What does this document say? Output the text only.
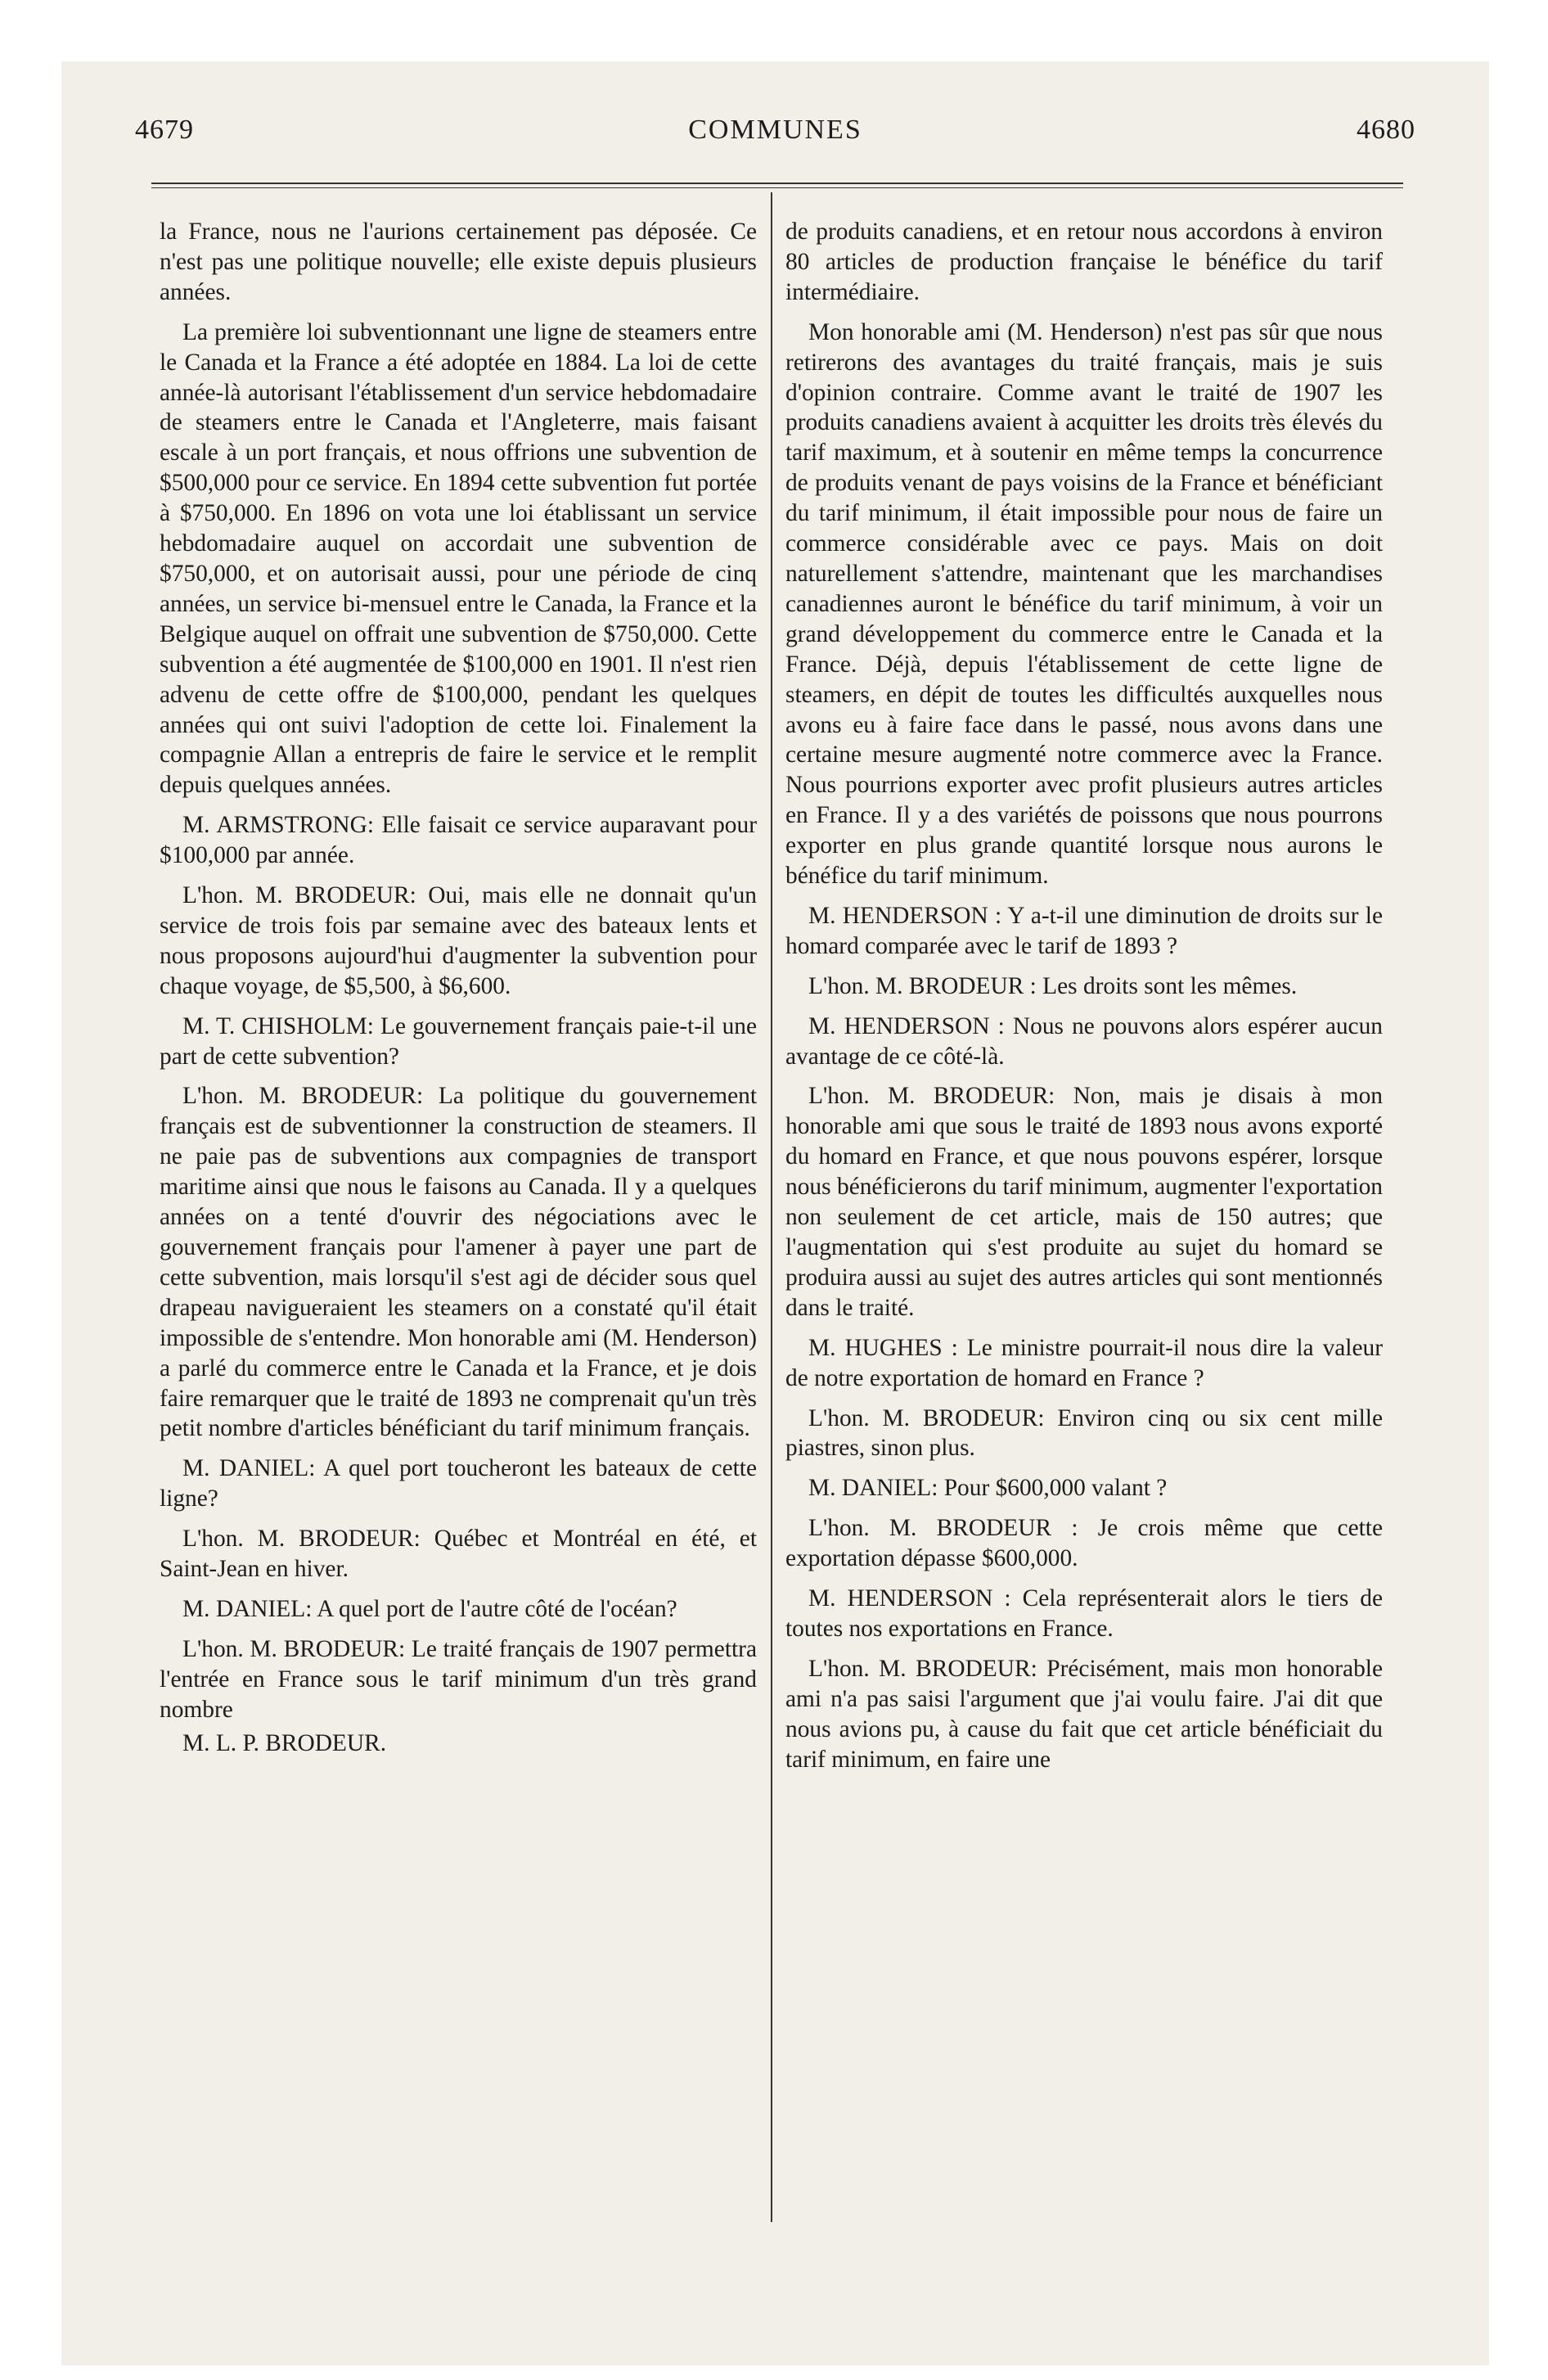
4679	COMMUNES	4680

la France, nous ne l'aurions certainement pas déposée. Ce n'est pas une politique nouvelle; elle existe depuis plusieurs années.

La première loi subventionnant une ligne de steamers entre le Canada et la France a été adoptée en 1884. La loi de cette année-là autorisant l'établissement d'un service hebdomadaire de steamers entre le Canada et l'Angleterre, mais faisant escale à un port français, et nous offrions une subvention de $500,000 pour ce service. En 1894 cette subvention fut portée à $750,000. En 1896 on vota une loi établissant un service hebdomadaire auquel on accordait une subvention de $750,000, et on autorisait aussi, pour une période de cinq années, un service bi-mensuel entre le Canada, la France et la Belgique auquel on offrait une subvention de $750,000. Cette subvention a été augmentée de $100,000 en 1901. Il n'est rien advenu de cette offre de $100,000, pendant les quelques années qui ont suivi l'adoption de cette loi. Finalement la compagnie Allan a entrepris de faire le service et le remplit depuis quelques années.

M. ARMSTRONG: Elle faisait ce service auparavant pour $100,000 par année.

L'hon. M. BRODEUR: Oui, mais elle ne donnait qu'un service de trois fois par semaine avec des bateaux lents et nous proposons aujourd'hui d'augmenter la subvention pour chaque voyage, de $5,500, à $6,600.

M. T. CHISHOLM: Le gouvernement français paie-t-il une part de cette subvention?

L'hon. M. BRODEUR: La politique du gouvernement français est de subventionner la construction de steamers. Il ne paie pas de subventions aux compagnies de transport maritime ainsi que nous le faisons au Canada. Il y a quelques années on a tenté d'ouvrir des négociations avec le gouvernement français pour l'amener à payer une part de cette subvention, mais lorsqu'il s'est agi de décider sous quel drapeau navigueraient les steamers on a constaté qu'il était impossible de s'entendre. Mon honorable ami (M. Henderson) a parlé du commerce entre le Canada et la France, et je dois faire remarquer que le traité de 1893 ne comprenait qu'un très petit nombre d'articles bénéficiant du tarif minimum français.

M. DANIEL: A quel port toucheront les bateaux de cette ligne?

L'hon. M. BRODEUR: Québec et Montréal en été, et Saint-Jean en hiver.

M. DANIEL: A quel port de l'autre côté de l'océan?

L'hon. M. BRODEUR: Le traité français de 1907 permettra l'entrée en France sous le tarif minimum d'un très grand nombre

M. L. P. BRODEUR.

de produits canadiens, et en retour nous accordons à environ 80 articles de production française le bénéfice du tarif intermédiaire.

Mon honorable ami (M. Henderson) n'est pas sûr que nous retirerons des avantages du traité français, mais je suis d'opinion contraire. Comme avant le traité de 1907 les produits canadiens avaient à acquitter les droits très élevés du tarif maximum, et à soutenir en même temps la concurrence de produits venant de pays voisins de la France et bénéficiant du tarif minimum, il était impossible pour nous de faire un commerce considérable avec ce pays. Mais on doit naturellement s'attendre, maintenant que les marchandises canadiennes auront le bénéfice du tarif minimum, à voir un grand développement du commerce entre le Canada et la France. Déjà, depuis l'établissement de cette ligne de steamers, en dépit de toutes les difficultés auxquelles nous avons eu à faire face dans le passé, nous avons dans une certaine mesure augmenté notre commerce avec la France. Nous pourrions exporter avec profit plusieurs autres articles en France. Il y a des variétés de poissons que nous pourrons exporter en plus grande quantité lorsque nous aurons le bénéfice du tarif minimum.

M. HENDERSON : Y a-t-il une diminution de droits sur le homard comparée avec le tarif de 1893 ?

L'hon. M. BRODEUR : Les droits sont les mêmes.

M. HENDERSON : Nous ne pouvons alors espérer aucun avantage de ce côté-là.

L'hon. M. BRODEUR: Non, mais je disais à mon honorable ami que sous le traité de 1893 nous avons exporté du homard en France, et que nous pouvons espérer, lorsque nous bénéficierons du tarif minimum, augmenter l'exportation non seulement de cet article, mais de 150 autres; que l'augmentation qui s'est produite au sujet du homard se produira aussi au sujet des autres articles qui sont mentionnés dans le traité.

M. HUGHES : Le ministre pourrait-il nous dire la valeur de notre exportation de homard en France ?

L'hon. M. BRODEUR: Environ cinq ou six cent mille piastres, sinon plus.

M. DANIEL: Pour $600,000 valant ?

L'hon. M. BRODEUR : Je crois même que cette exportation dépasse $600,000.

M. HENDERSON : Cela représenterait alors le tiers de toutes nos exportations en France.

L'hon. M. BRODEUR: Précisément, mais mon honorable ami n'a pas saisi l'argument que j'ai voulu faire. J'ai dit que nous avions pu, à cause du fait que cet article bénéficiait du tarif minimum, en faire une
